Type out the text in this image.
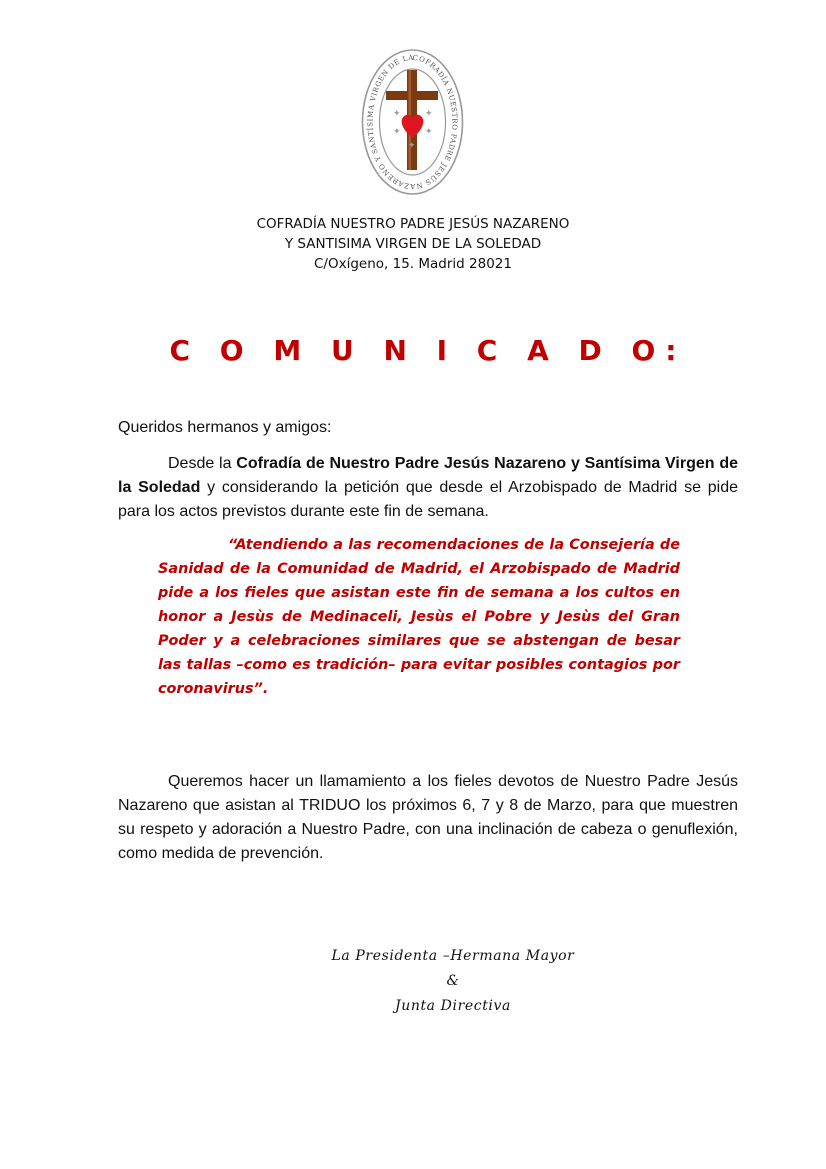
COFRADÍA NUESTRO PADRE JESÚS NAZARENO Y SANTÍSIMA VIRGEN DE LA
✦	✦
✦	✦
✦
COFRADÍA NUESTRO PADRE JESÚS NAZARENO
Y SANTISIMA VIRGEN DE LA SOLEDAD
C/Oxígeno, 15. Madrid 28021
C O M U N I C A D O:
Queridos hermanos y amigos:
Desde la Cofradía de Nuestro Padre Jesús Nazareno y Santísima Virgen de la Soledad y considerando la petición que desde el Arzobispado de Madrid se pide para los actos previstos durante este fin de semana.
“Atendiendo a las recomendaciones de la Consejería de Sanidad de la Comunidad de Madrid, el Arzobispado de Madrid pide a los fieles que asistan este fin de semana a los cultos en honor a Jesùs de Medinaceli, Jesùs el Pobre y Jesùs del Gran Poder y a celebraciones similares que se abstengan de besar las tallas –como es tradición– para evitar posibles contagios por coronavirus”.
Queremos hacer un llamamiento a los fieles devotos de Nuestro Padre Jesús Nazareno que asistan al TRIDUO los próximos 6, 7 y 8 de Marzo, para que muestren su respeto y adoración a Nuestro Padre, con una inclinación de cabeza o genuflexión, como medida de prevención.
La Presidenta –Hermana Mayor
&
Junta Directiva
